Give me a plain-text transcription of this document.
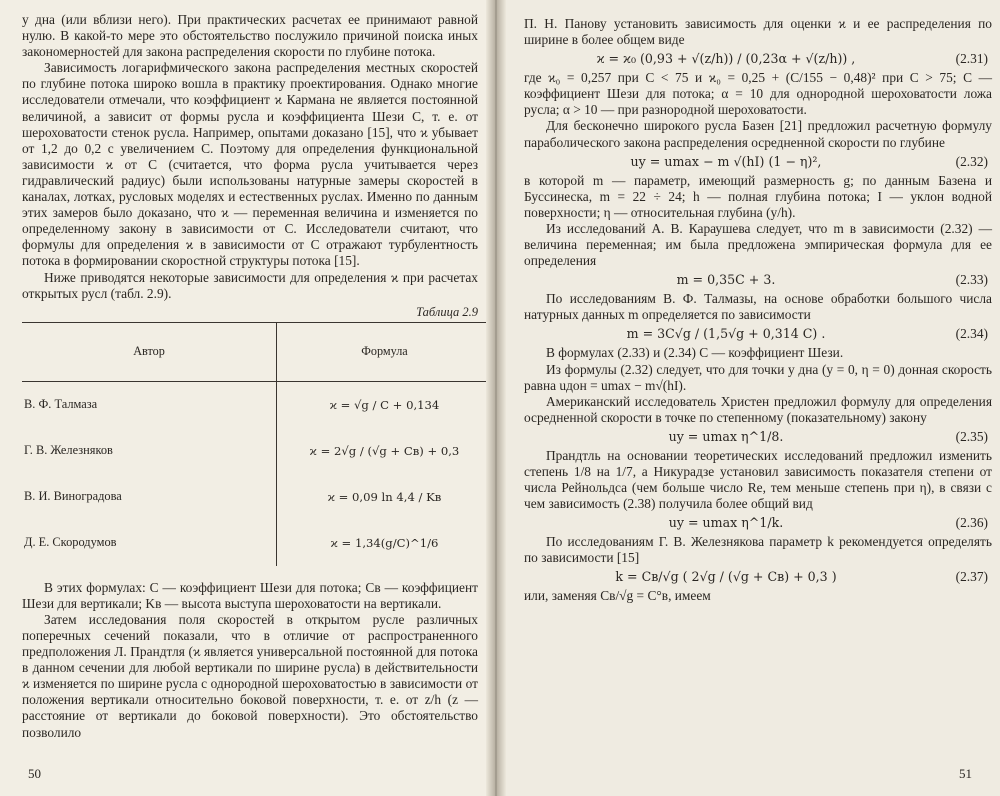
у дна (или вблизи него). При практических расчетах ее принимают равной нулю. В какой-то мере это обстоятельство послужило причиной поиска иных закономерностей для закона распределения скорости по глубине потока.

Зависимость логарифмического закона распределения местных скоростей по глубине потока широко вошла в практику проектирования. Однако многие исследователи отмечали, что коэффициент ϰ Кармана не является постоянной величиной, а зависит от формы русла и коэффициента Шези C, т. е. от шероховатости стенок русла. Например, опытами доказано [15], что ϰ убывает от 1,2 до 0,2 с увеличением C. Поэтому для определения функциональной зависимости ϰ от C (считается, что форма русла учитывается через гидравлический радиус) были использованы натурные замеры скоростей в каналах, лотках, русловых моделях и естественных руслах. Именно по данным этих замеров было доказано, что ϰ — переменная величина и изменяется по определенному закону в зависимости от C. Исследователи считают, что формулы для определения ϰ в зависимости от C отражают турбулентность потока в формировании скоростной структуры потока [15].

Ниже приводятся некоторые зависимости для определения ϰ при расчетах открытых русл (табл. 2.9).

Таблица 2.9
Автор	Формула
В. Ф. Талмаза	ϰ = √g / C + 0,134
Г. В. Железняков	ϰ = 2√g / (√g + Cв) + 0,3
В. И. Виноградова	ϰ = 0,09 ln 4,4 / Kв
Д. Е. Скородумов	ϰ = 1,34(g/C)^1/6

В этих формулах: C — коэффициент Шези для потока; Cв — коэффициент Шези для вертикали; Kв — высота выступа шероховатости на вертикали.

Затем исследования поля скоростей в открытом русле различных поперечных сечений показали, что в отличие от распространенного предположения Л. Прандтля (ϰ является универсальной постоянной для потока в данном сечении для любой вертикали по ширине русла) в действительности ϰ изменяется по ширине русла с однородной шероховатостью в зависимости от положения вертикали относительно боковой поверхности, т. е. от z/h (z — расстояние от вертикали до боковой поверхности). Это обстоятельство позволило

50

П. Н. Панову установить зависимость для оценки ϰ и ее распределения по ширине в более общем виде

ϰ = ϰ₀ (0,93 + √(z/h)) / (0,23α + √(z/h)) ,	(2.31)

где ϰ₀ = 0,257 при C < 75 и ϰ₀ = 0,25 + (C/155 − 0,48)² при C > 75; C — коэффициент Шези для потока; α = 10 для однородной шероховатости ложа русла; α > 10 — при разнородной шероховатости.

Для бесконечно широкого русла Базен [21] предложил расчетную формулу параболического закона распределения осредненной скорости по глубине

uy = umax − m √(hI) (1 − η)²,	(2.32)

в которой m — параметр, имеющий размерность g; по данным Базена и Буссинеска, m = 22 ÷ 24; h — полная глубина потока; I — уклон водной поверхности; η — относительная глубина (y/h).

Из исследований А. В. Караушева следует, что m в зависимости (2.32) — величина переменная; им была предложена эмпирическая формула для ее определения

m = 0,35C + 3.	(2.33)

По исследованиям В. Ф. Талмазы, на основе обработки большого числа натурных данных m определяется по зависимости

m = 3C√g / (1,5√g + 0,314 C) .	(2.34)

В формулах (2.33) и (2.34) C — коэффициент Шези.

Из формулы (2.32) следует, что для точки у дна (y = 0, η = 0) донная скорость равна uдон = umax − m√(hI).

Американский исследователь Христен предложил формулу для определения осредненной скорости в точке по степенному (показательному) закону

uy = umax η^1/8.	(2.35)

Прандтль на основании теоретических исследований предложил изменить степень 1/8 на 1/7, а Никурадзе установил зависимость показателя степени от числа Рейнольдса (чем больше число Re, тем меньше степень при η), в связи с чем зависимость (2.38) получила более общий вид

uy = umax η^1/k.	(2.36)

По исследованиям Г. В. Железнякова параметр k рекомендуется определять по зависимости [15]

k = Cв/√g ( 2√g / (√g + Cв) + 0,3 )	(2.37)

или, заменяя Cв/√g = C°в, имеем

51
